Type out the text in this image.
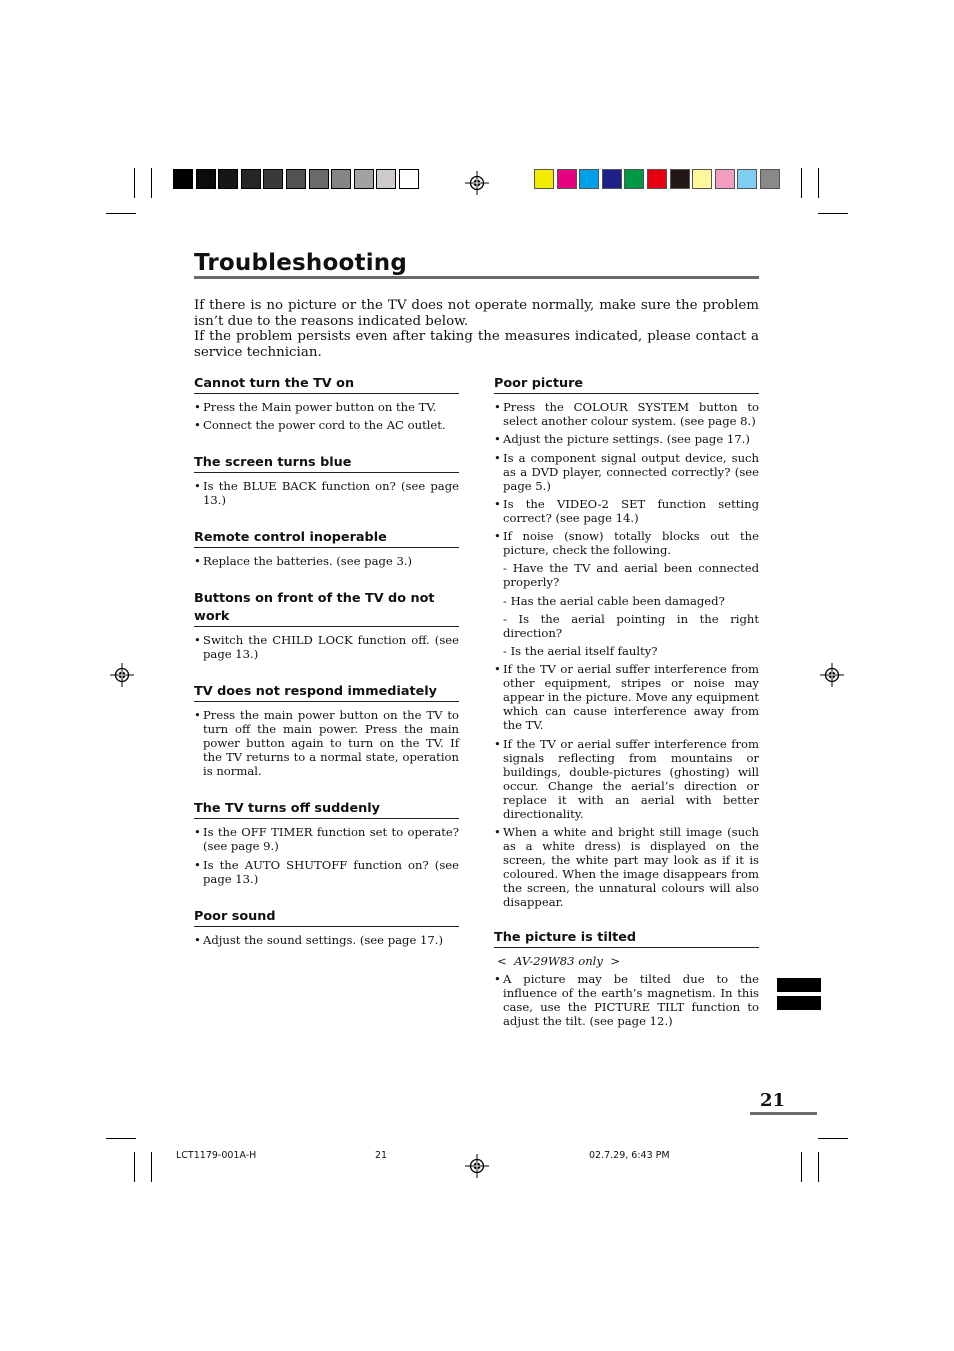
Troubleshooting

If there is no picture or the TV does not operate normally, make sure the problem isn’t due to the reasons indicated below.

If the problem persists even after taking the measures indicated, please contact a service technician.

Cannot turn the TV on
• Press the Main power button on the TV.
• Connect the power cord to the AC outlet.
The screen turns blue
• Is the BLUE BACK function on? (see page 13.)
Remote control inoperable
• Replace the batteries. (see page 3.)
Buttons on front of the TV do not work
• Switch the CHILD LOCK function off. (see page 13.)
TV does not respond immediately
• Press the main power button on the TV to turn off the main power. Press the main power button again to turn on the TV. If the TV returns to a normal state, operation is normal.
The TV turns off suddenly
• Is the OFF TIMER function set to operate? (see page 9.)
• Is the AUTO SHUTOFF function on? (see page 13.)
Poor sound
• Adjust the sound settings. (see page 17.)
Poor picture
• Press the COLOUR SYSTEM button to select another colour system. (see page 8.)
• Adjust the picture settings. (see page 17.)
• Is a component signal output device, such as a DVD player, connected correctly? (see page 5.)
• Is the VIDEO-2 SET function setting correct? (see page 14.)
• If noise (snow) totally blocks out the picture, check the following.
- Have the TV and aerial been connected properly?
- Has the aerial cable been damaged?
- Is the aerial pointing in the right direction?
- Is the aerial itself faulty?
• If the TV or aerial suffer interference from other equipment, stripes or noise may appear in the picture. Move any equipment which can cause interference away from the TV.
• If the TV or aerial suffer interference from signals reflecting from mountains or buildings, double-pictures (ghosting) will occur. Change the aerial’s direction or replace it with an aerial with better directionality.
• When a white and bright still image (such as a white dress) is displayed on the screen, the white part may look as if it is coloured. When the image disappears from the screen, the unnatural colours will also disappear.
The picture is tilted
< AV-29W83 only >
• A picture may be tilted due to the influence of the earth’s magnetism. In this case, use the PICTURE TILT function to adjust the tilt. (see page 12.)
21
LCT1179-001A-H	21	02.7.29, 6:43 PM
